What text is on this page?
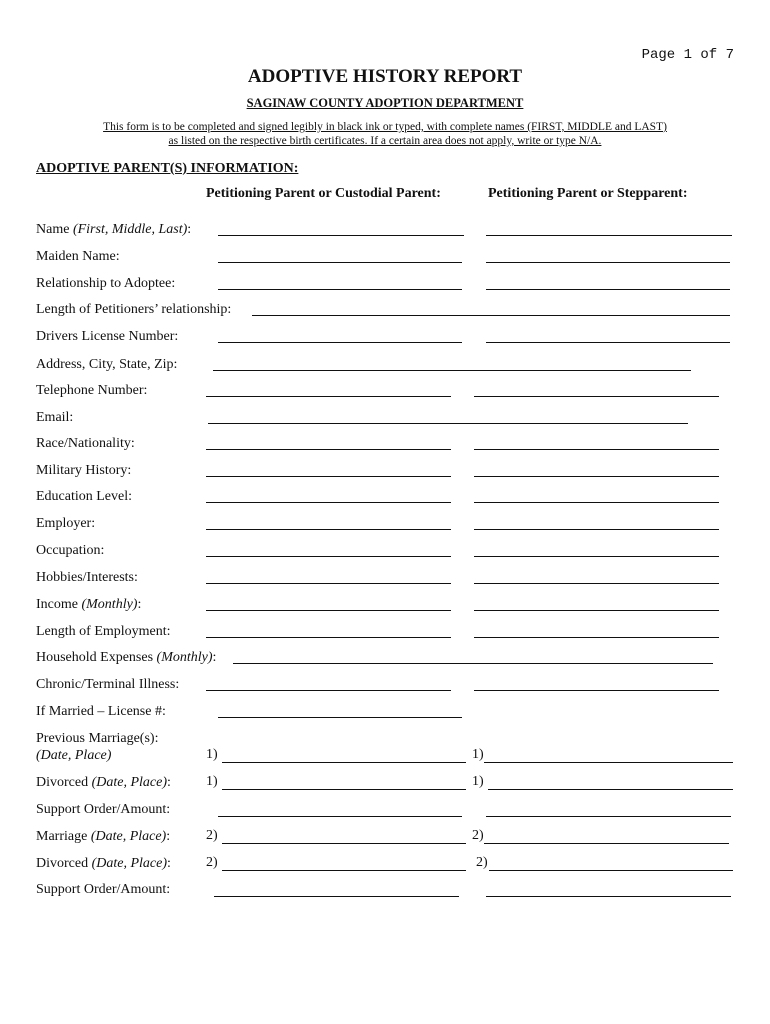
Page 1 of 7
ADOPTIVE HISTORY REPORT
SAGINAW COUNTY ADOPTION DEPARTMENT
This form is to be completed and signed legibly in black ink or typed, with complete names (FIRST, MIDDLE and LAST)
as listed on the respective birth certificates. If a certain area does not apply, write or type N/A.
ADOPTIVE PARENT(S) INFORMATION:
Petitioning Parent or Custodial Parent:	Petitioning Parent or Stepparent:
Name (First, Middle, Last):
Maiden Name:
Relationship to Adoptee:
Length of Petitioners’ relationship:
Drivers License Number:
Address, City, State, Zip:
Telephone Number:
Email:
Race/Nationality:
Military History:
Education Level:
Employer:
Occupation:
Hobbies/Interests:
Income (Monthly):
Length of Employment:
Household Expenses (Monthly):
Chronic/Terminal Illness:
If Married – License #:
Previous Marriage(s):
(Date, Place)	1)	1)
Divorced (Date, Place):	1)	1)
Support Order/Amount:
Marriage (Date, Place):	2)	2)
Divorced (Date, Place):	2)	2)
Support Order/Amount:
